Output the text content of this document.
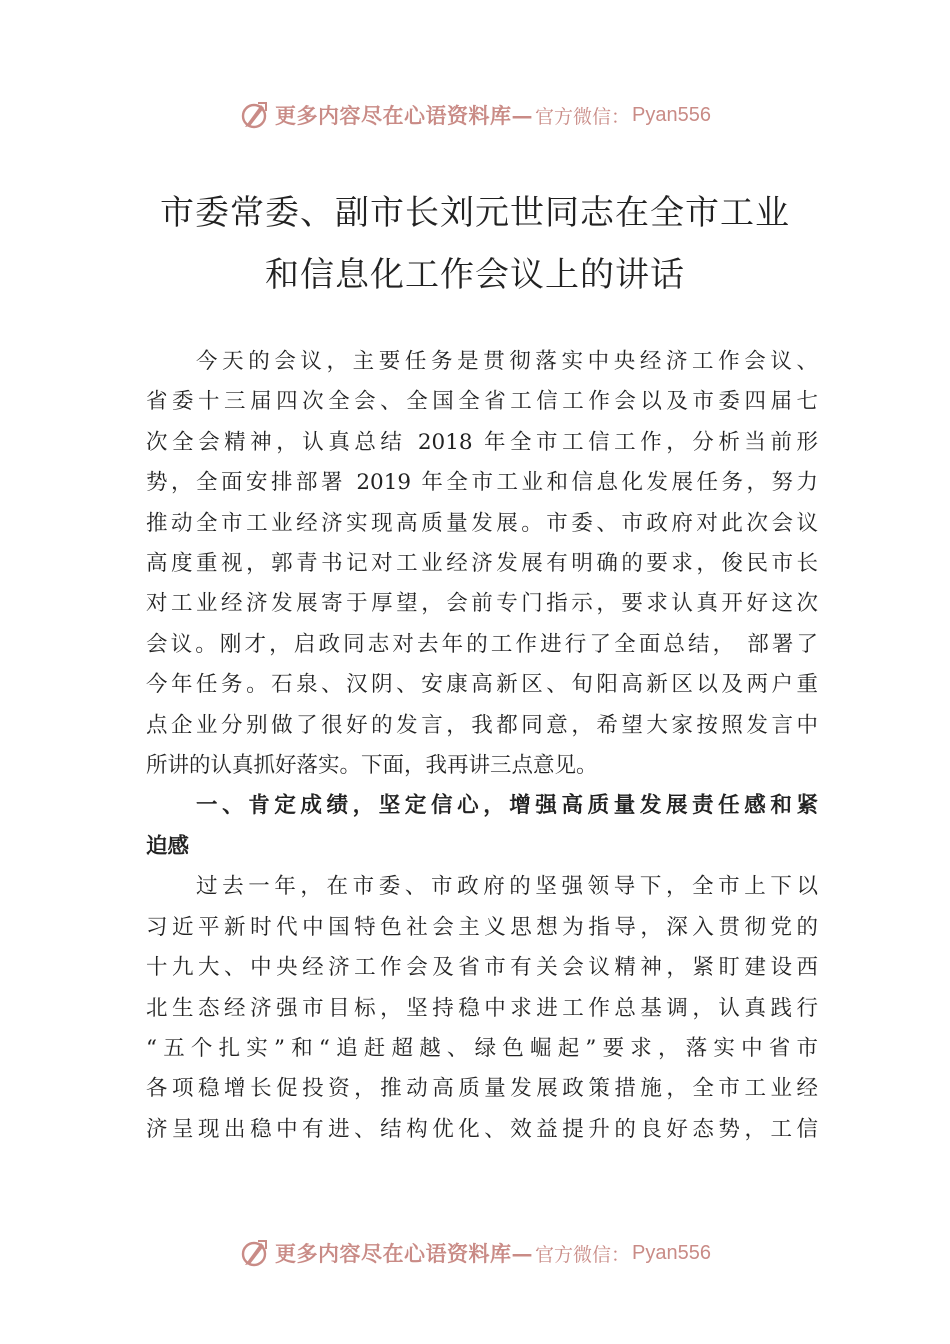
更多内容尽在心语资料库— 官方微信： Pyan556
市委常委、副市长刘元世同志在全市工业
和信息化工作会议上的讲话
今天的会议，主要任务是贯彻落实中央经济工作会议、
省委十三届四次全会、全国全省工信工作会以及市委四届七
次全会精神，认真总结 2018 年全市工信工作，分析当前形
势，全面安排部署 2019 年全市工业和信息化发展任务，努力
推动全市工业经济实现高质量发展。市委、市政府对此次会议
高度重视，郭青书记对工业经济发展有明确的要求，俊民市长
对工业经济发展寄于厚望，会前专门指示，要求认真开好这次
会议。刚才，启政同志对去年的工作进行了全面总结， 部署了
今年任务。石泉、汉阴、安康高新区、旬阳高新区以及两户重
点企业分别做了很好的发言，我都同意，希望大家按照发言中
所讲的认真抓好落实。下面，我再讲三点意见。
一、肯定成绩，坚定信心，增强高质量发展责任感和紧
迫感
过去一年，在市委、市政府的坚强领导下，全市上下以
习近平新时代中国特色社会主义思想为指导，深入贯彻党的
十九大、中央经济工作会及省市有关会议精神，紧盯建设西
北生态经济强市目标，坚持稳中求进工作总基调，认真践行
“五个扎实”和“追赶超越、绿色崛起”要求，落实中省市
各项稳增长促投资，推动高质量发展政策措施，全市工业经
济呈现出稳中有进、结构优化、效益提升的良好态势，工信
更多内容尽在心语资料库— 官方微信： Pyan556
